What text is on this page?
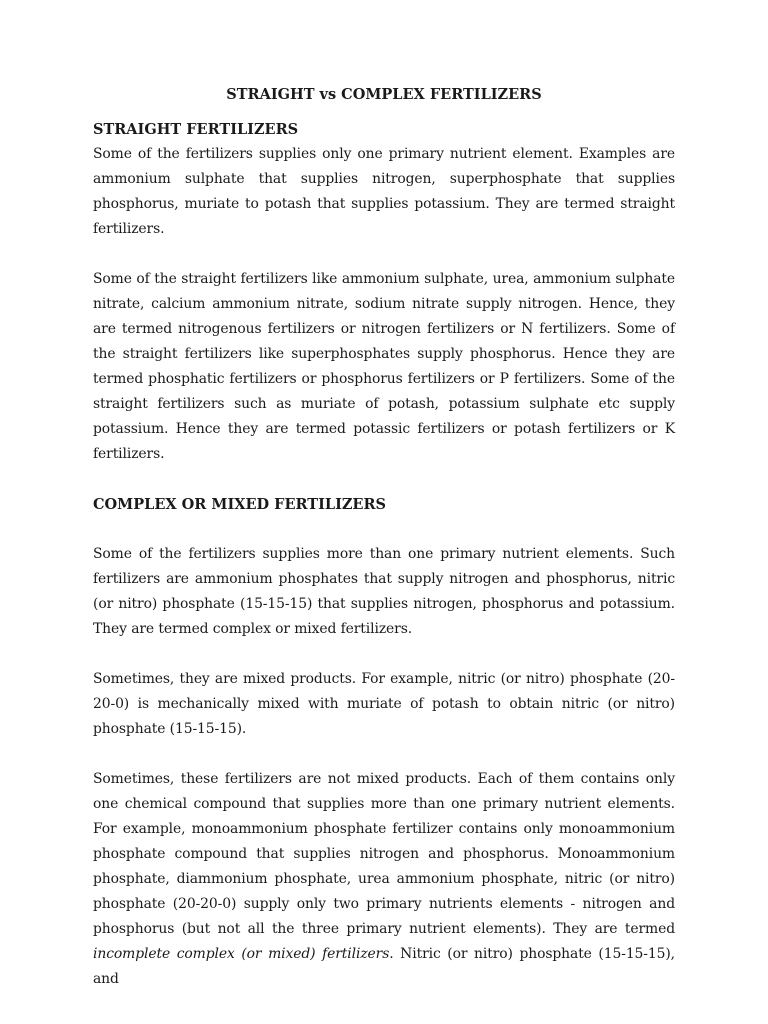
STRAIGHT vs COMPLEX FERTILIZERS
STRAIGHT FERTILIZERS

Some of the fertilizers supplies only one primary nutrient element. Examples are ammonium sulphate that supplies nitrogen, superphosphate that supplies phosphorus, muriate to potash that supplies potassium. They are termed straight fertilizers.

Some of the straight fertilizers like ammonium sulphate, urea, ammonium sulphate nitrate, calcium ammonium nitrate, sodium nitrate supply nitrogen. Hence, they are termed nitrogenous fertilizers or nitrogen fertilizers or N fertilizers. Some of the straight fertilizers like superphosphates supply phosphorus. Hence they are termed phosphatic fertilizers or phosphorus fertilizers or P fertilizers. Some of the straight fertilizers such as muriate of potash, potassium sulphate etc supply potassium. Hence they are termed potassic fertilizers or potash fertilizers or K fertilizers.

COMPLEX OR MIXED FERTILIZERS

Some of the fertilizers supplies more than one primary nutrient elements. Such fertilizers are ammonium phosphates that supply nitrogen and phosphorus, nitric (or nitro) phosphate (15-15-15) that supplies nitrogen, phosphorus and potassium. They are termed complex or mixed fertilizers.

Sometimes, they are mixed products. For example, nitric (or nitro) phosphate (20-20-0) is mechanically mixed with muriate of potash to obtain nitric (or nitro) phosphate (15-15-15).

Sometimes, these fertilizers are not mixed products. Each of them contains only one chemical compound that supplies more than one primary nutrient elements. For example, monoammonium phosphate fertilizer contains only monoammonium phosphate compound that supplies nitrogen and phosphorus. Monoammonium phosphate, diammonium phosphate, urea ammonium phosphate, nitric (or nitro) phosphate (20-20-0) supply only two primary nutrients elements - nitrogen and phosphorus (but not all the three primary nutrient elements). They are termed incomplete complex (or mixed) fertilizers. Nitric (or nitro) phosphate (15-15-15), and
